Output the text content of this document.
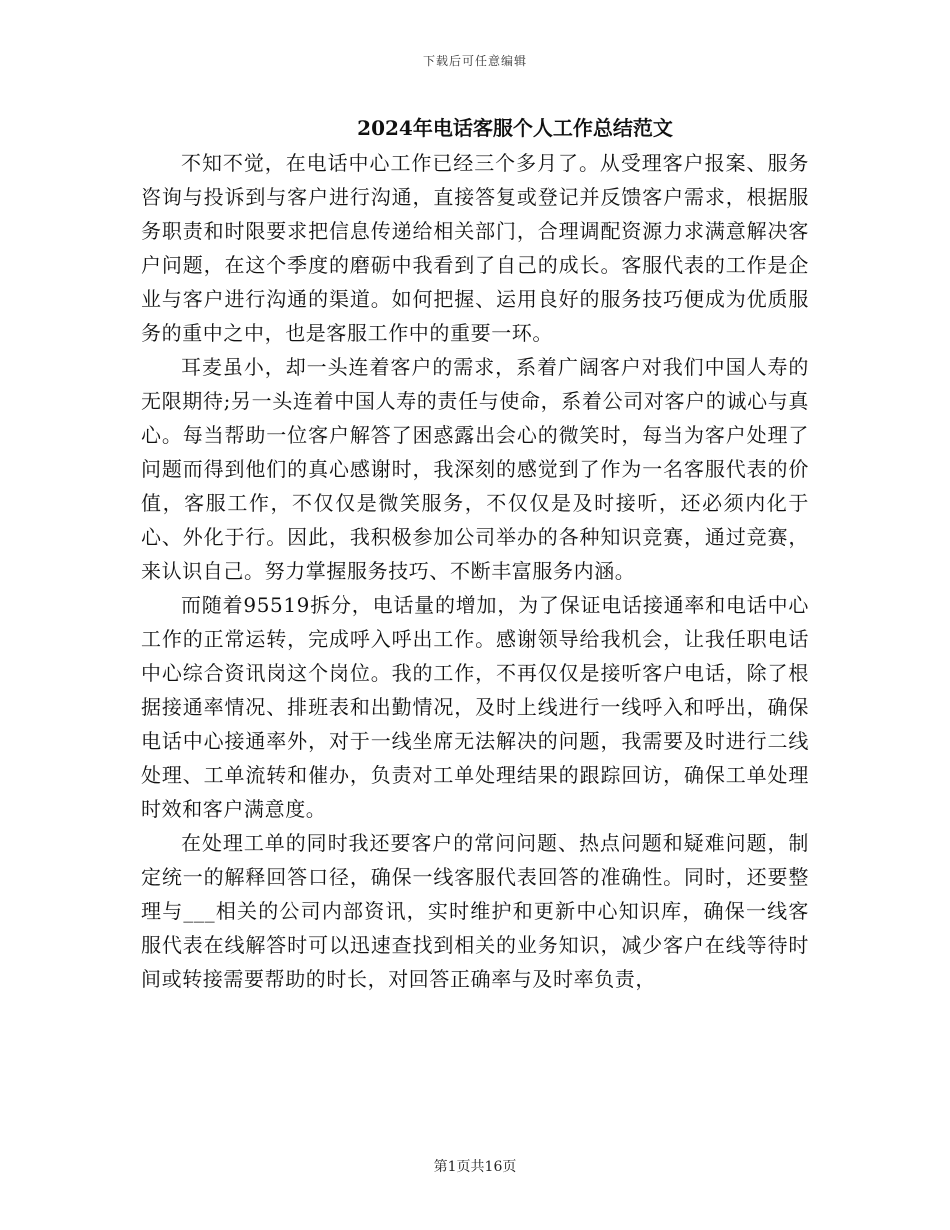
下载后可任意编辑
2024年电话客服个人工作总结范文

不知不觉，在电话中心工作已经三个多月了。从受理客户报案、服务咨询与投诉到与客户进行沟通，直接答复或登记并反馈客户需求，根据服务职责和时限要求把信息传递给相关部门，合理调配资源力求满意解决客户问题，在这个季度的磨砺中我看到了自己的成长。客服代表的工作是企业与客户进行沟通的渠道。如何把握、运用良好的服务技巧便成为优质服务的重中之中，也是客服工作中的重要一环。

耳麦虽小，却一头连着客户的需求，系着广阔客户对我们中国人寿的无限期待;另一头连着中国人寿的责任与使命，系着公司对客户的诚心与真心。每当帮助一位客户解答了困惑露出会心的微笑时，每当为客户处理了问题而得到他们的真心感谢时，我深刻的感觉到了作为一名客服代表的价值，客服工作，不仅仅是微笑服务，不仅仅是及时接听，还必须内化于心、外化于行。因此，我积极参加公司举办的各种知识竞赛，通过竞赛，来认识自己。努力掌握服务技巧、不断丰富服务内涵。

而随着95519拆分，电话量的增加，为了保证电话接通率和电话中心工作的正常运转，完成呼入呼出工作。感谢领导给我机会，让我任职电话中心综合资讯岗这个岗位。我的工作，不再仅仅是接听客户电话，除了根据接通率情况、排班表和出勤情况，及时上线进行一线呼入和呼出，确保电话中心接通率外，对于一线坐席无法解决的问题，我需要及时进行二线处理、工单流转和催办，负责对工单处理结果的跟踪回访，确保工单处理时效和客户满意度。

在处理工单的同时我还要客户的常问问题、热点问题和疑难问题，制定统一的解释回答口径，确保一线客服代表回答的准确性。同时，还要整理与___相关的公司内部资讯，实时维护和更新中心知识库，确保一线客服代表在线解答时可以迅速查找到相关的业务知识，减少客户在线等待时间或转接需要帮助的时长，对回答正确率与及时率负责，

第1页共16页
